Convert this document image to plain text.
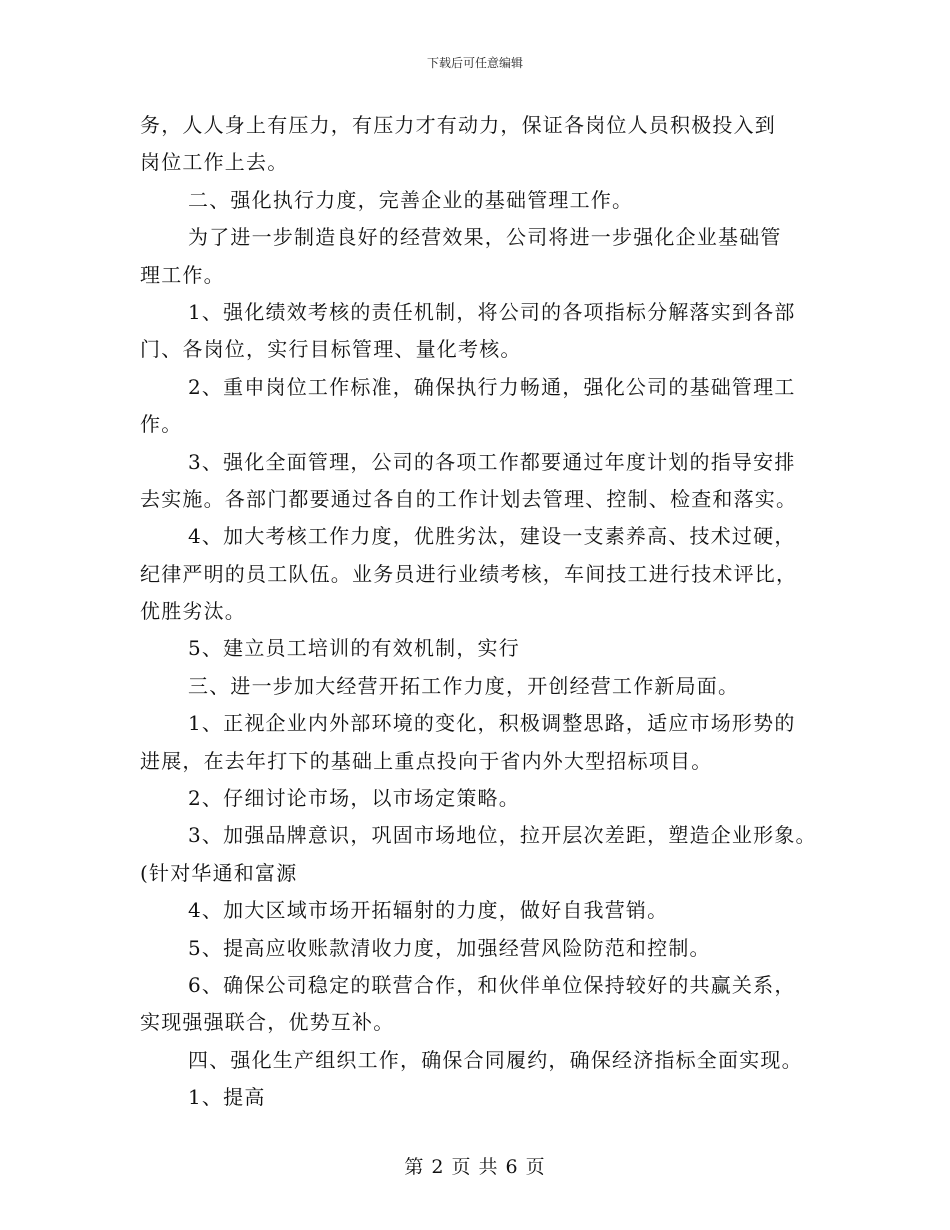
下载后可任意编辑
务，人人身上有压力，有压力才有动力，保证各岗位人员积极投入到
岗位工作上去。
二、强化执行力度，完善企业的基础管理工作。
为了进一步制造良好的经营效果，公司将进一步强化企业基础管
理工作。
1、强化绩效考核的责任机制，将公司的各项指标分解落实到各部
门、各岗位，实行目标管理、量化考核。
2、重申岗位工作标准，确保执行力畅通，强化公司的基础管理工
作。
3、强化全面管理，公司的各项工作都要通过年度计划的指导安排
去实施。各部门都要通过各自的工作计划去管理、控制、检查和落实。
4、加大考核工作力度，优胜劣汰，建设一支素养高、技术过硬，
纪律严明的员工队伍。业务员进行业绩考核，车间技工进行技术评比，
优胜劣汰。
5、建立员工培训的有效机制，实行
三、进一步加大经营开拓工作力度，开创经营工作新局面。
1、正视企业内外部环境的变化，积极调整思路，适应市场形势的
进展，在去年打下的基础上重点投向于省内外大型招标项目。
2、仔细讨论市场，以市场定策略。
3、加强品牌意识，巩固市场地位，拉开层次差距，塑造企业形象。
(针对华通和富源
4、加大区域市场开拓辐射的力度，做好自我营销。
5、提高应收账款清收力度，加强经营风险防范和控制。
6、确保公司稳定的联营合作，和伙伴单位保持较好的共赢关系，
实现强强联合，优势互补。
四、强化生产组织工作，确保合同履约，确保经济指标全面实现。
1、提高
第 2 页 共 6 页
